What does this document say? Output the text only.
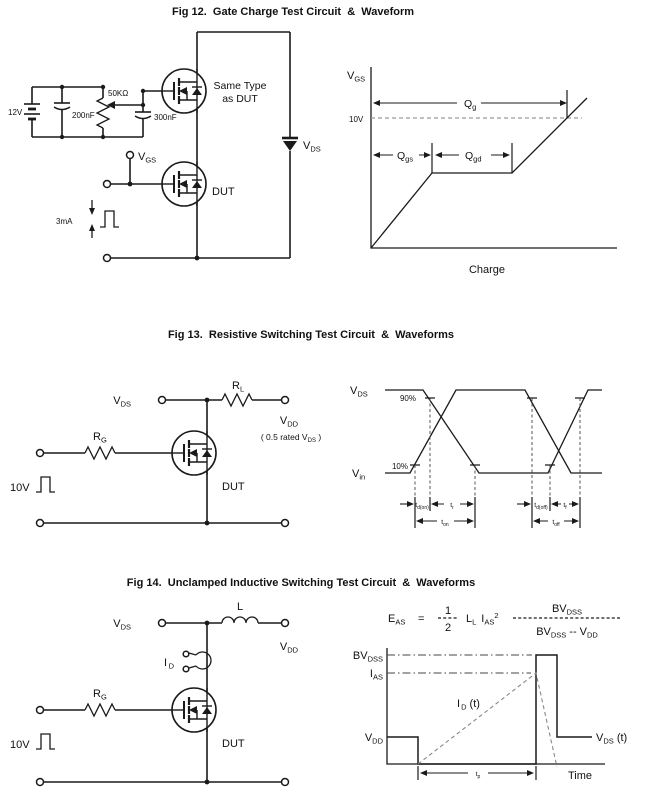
Fig 12.  Gate Charge Test Circuit  &  Waveform
$V_{DS}$
12V	200nF
50KΩ
300nF
Same Type
as DUT
$V_{GS}$
DUT
3mA
$V_{GS}$
10V
$Q_g$
$Q_{gs}$	$Q_{gd}$
Charge
Fig 13.  Resistive Switching Test Circuit  &  Waveforms
$V_{DS}$
$R_L$
$V_{DD}$
( 0.5 rated $V_{DS}$ )
$R_G$
DUT
10V
$V_{DS}$	90%
10%
$V_{in}$
$t_{d(on)}$	$t_r$
$t_{on}$
$t_{d(off)}$ $t_f$
$t_{off}$
Fig 14.  Unclamped Inductive Switching Test Circuit  &  Waveforms
$V_{DS}$
L
$V_{DD}$
I $_D$
$R_G$
DUT
10V
$E_{AS}$ =
1
2
$L_L$ $I_{AS}^2$
$BV_{DSS}$
$BV_{DSS} -- V_{DD}$
$BV_{DSS}$
$I_{AS}$
$V_{DD}$
$I_D$ (t)
$V_{DS}$ (t)
$t_p$	Time
